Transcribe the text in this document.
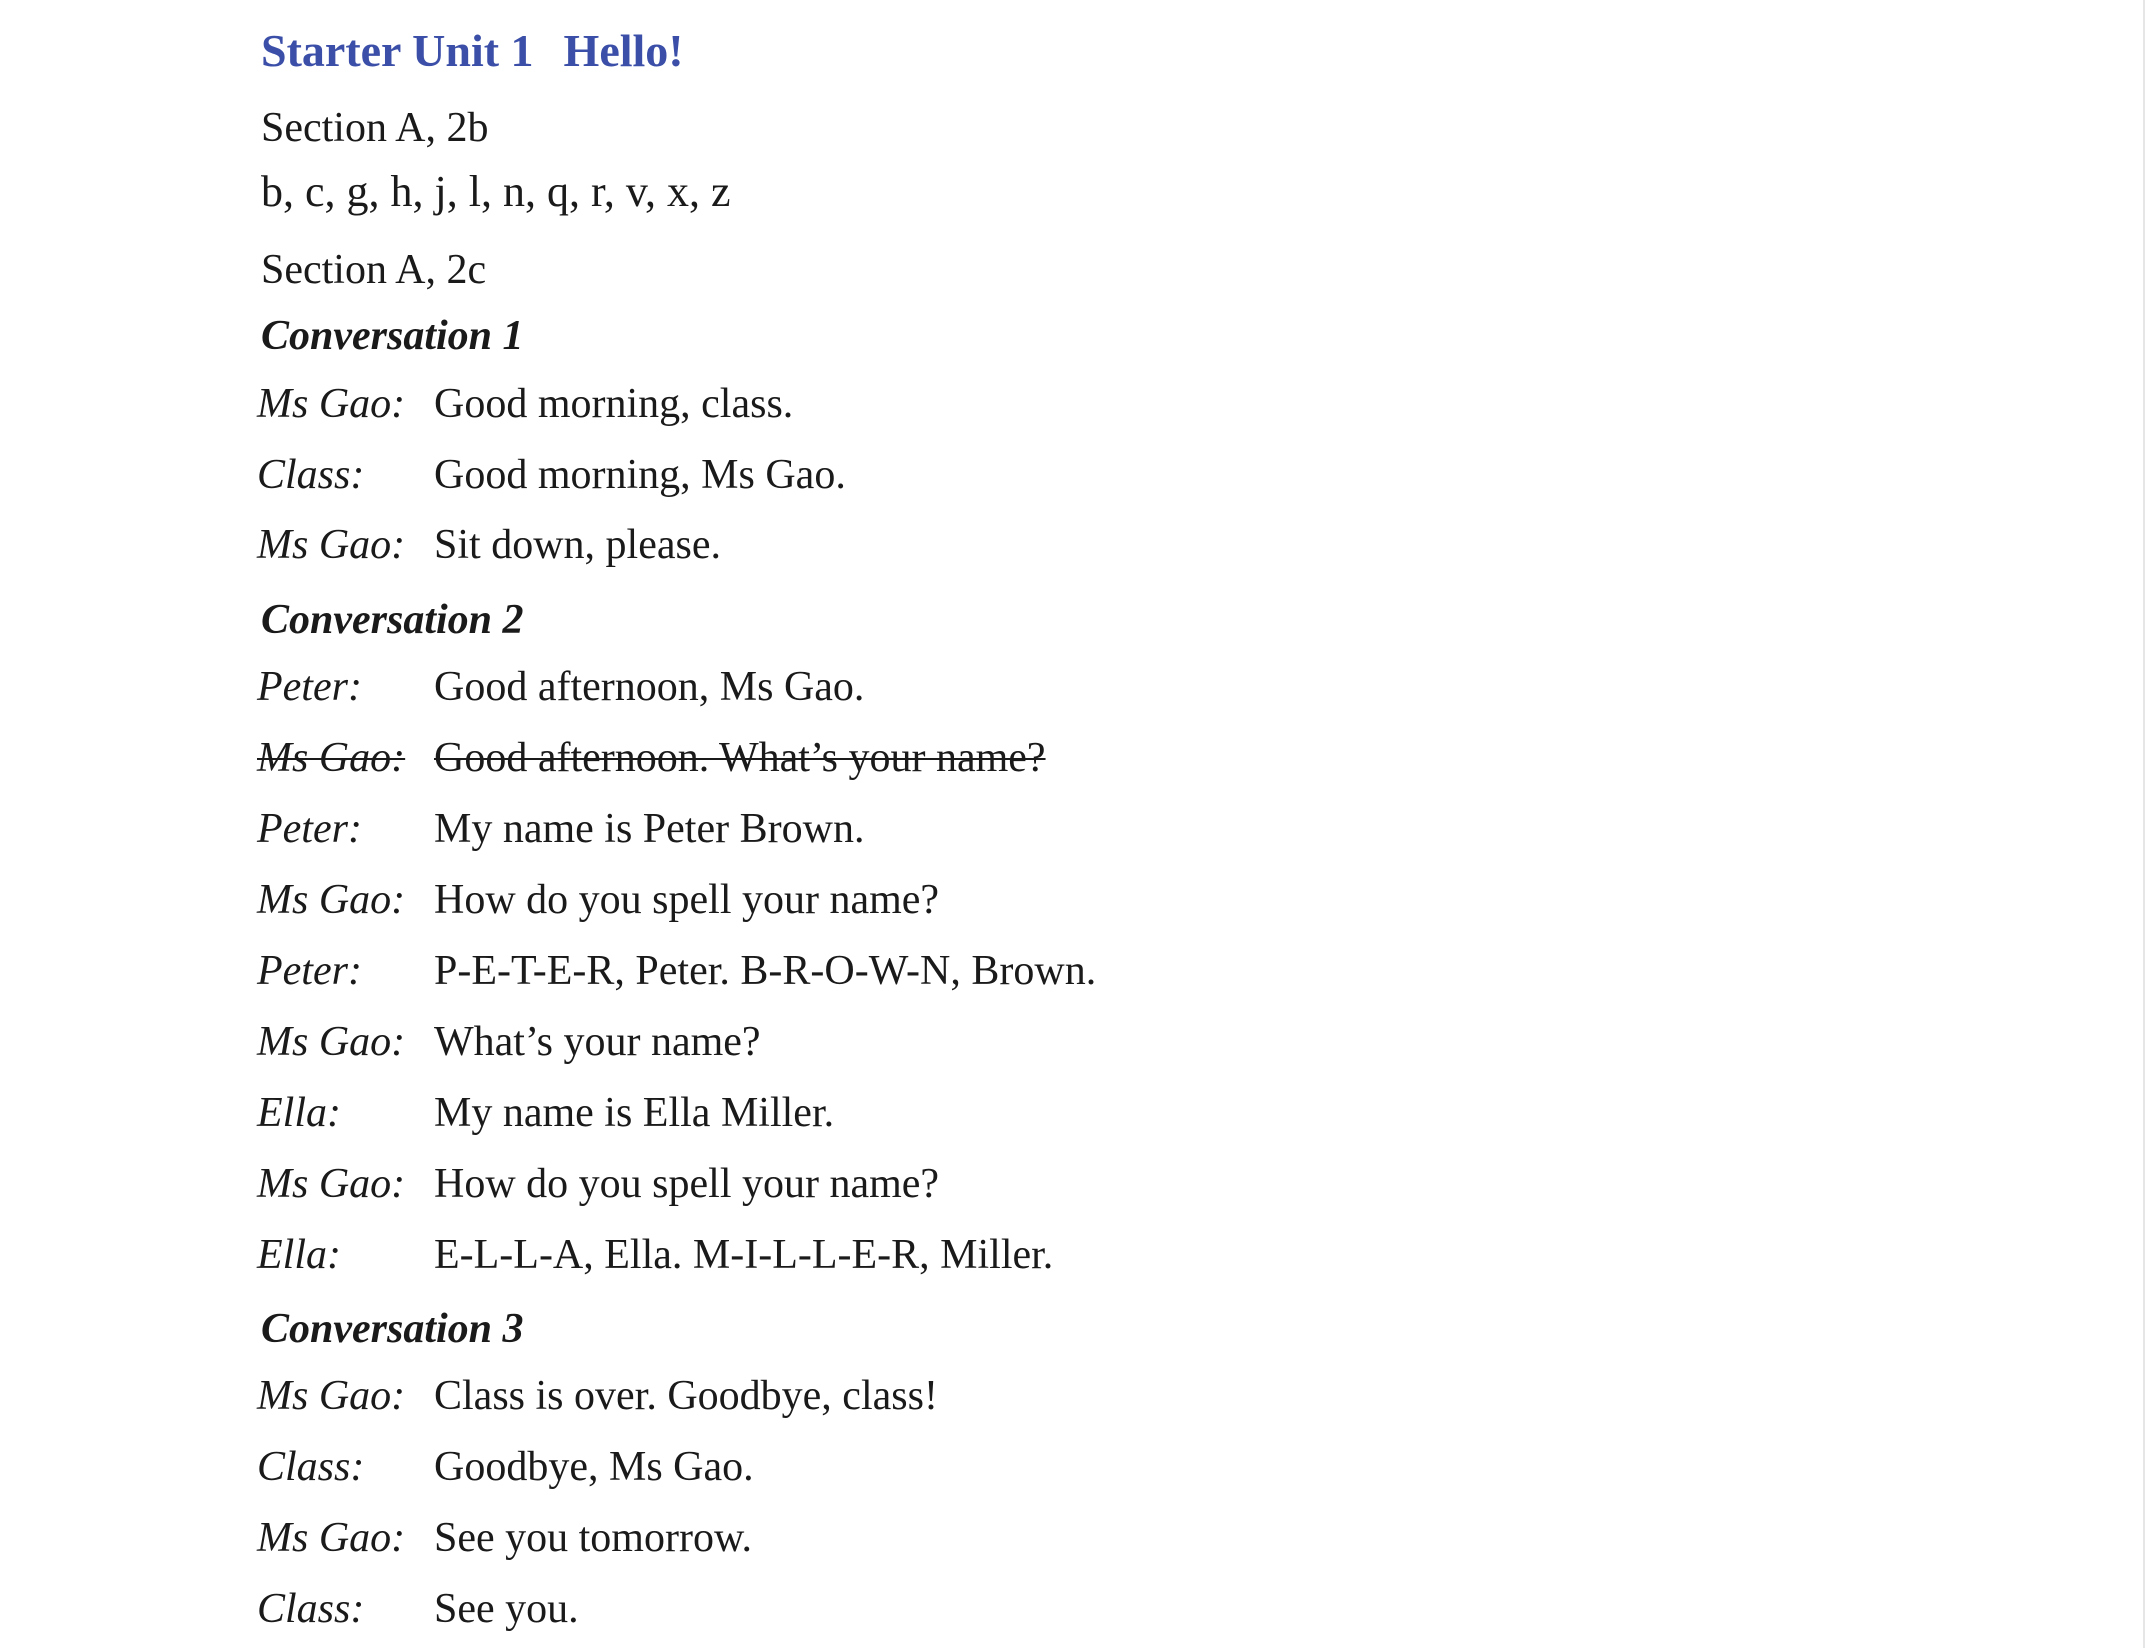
Starter Unit 1 Hello!
Section A, 2b
b, c, g, h, j, l, n, q, r, v, x, z
Section A, 2c
Conversation 1
Ms Gao: Good morning, class.
Class:	Good morning, Ms Gao.
Ms Gao: Sit down, please.
Conversation 2
Peter:	Good afternoon, Ms Gao.
Ms Gao: Good afternoon. What’s your name?
Peter:	My name is Peter Brown.
Ms Gao: How do you spell your name?
Peter:	P-E-T-E-R, Peter. B-R-O-W-N, Brown.
Ms Gao: What’s your name?
Ella:	My name is Ella Miller.
Ms Gao: How do you spell your name?
Ella:	E-L-L-A, Ella. M-I-L-L-E-R, Miller.
Conversation 3
Ms Gao: Class is over. Goodbye, class!
Class:	Goodbye, Ms Gao.
Ms Gao: See you tomorrow.
Class:	See you.
